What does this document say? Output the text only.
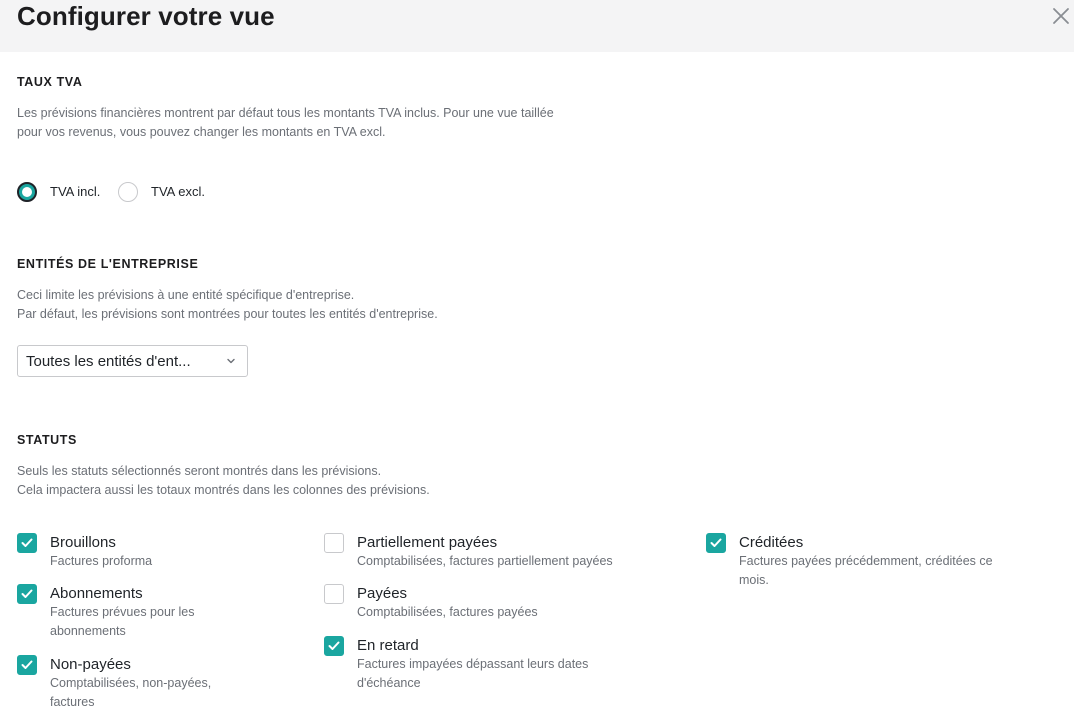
Configurer votre vue
TAUX TVA
Les prévisions financières montrent par défaut tous les montants TVA inclus. Pour une vue taillée
pour vos revenus, vous pouvez changer les montants en TVA excl.
TVA incl.	TVA excl.
ENTITÉS DE L'ENTREPRISE
Ceci limite les prévisions à une entité spécifique d'entreprise.
Par défaut, les prévisions sont montrées pour toutes les entités d'entreprise.
Toutes les entités d'ent...
STATUTS
Seuls les statuts sélectionnés seront montrés dans les prévisions.
Cela impactera aussi les totaux montrés dans les colonnes des prévisions.
Brouillons
Factures proforma
Abonnements
Factures prévues pour les
abonnements
Non-payées
Comptabilisées, non-payées,
factures
Partiellement payées
Comptabilisées, factures partiellement payées
Payées
Comptabilisées, factures payées
En retard
Factures impayées dépassant leurs dates
d'échéance
Créditées
Factures payées précédemment, créditées ce
mois.
